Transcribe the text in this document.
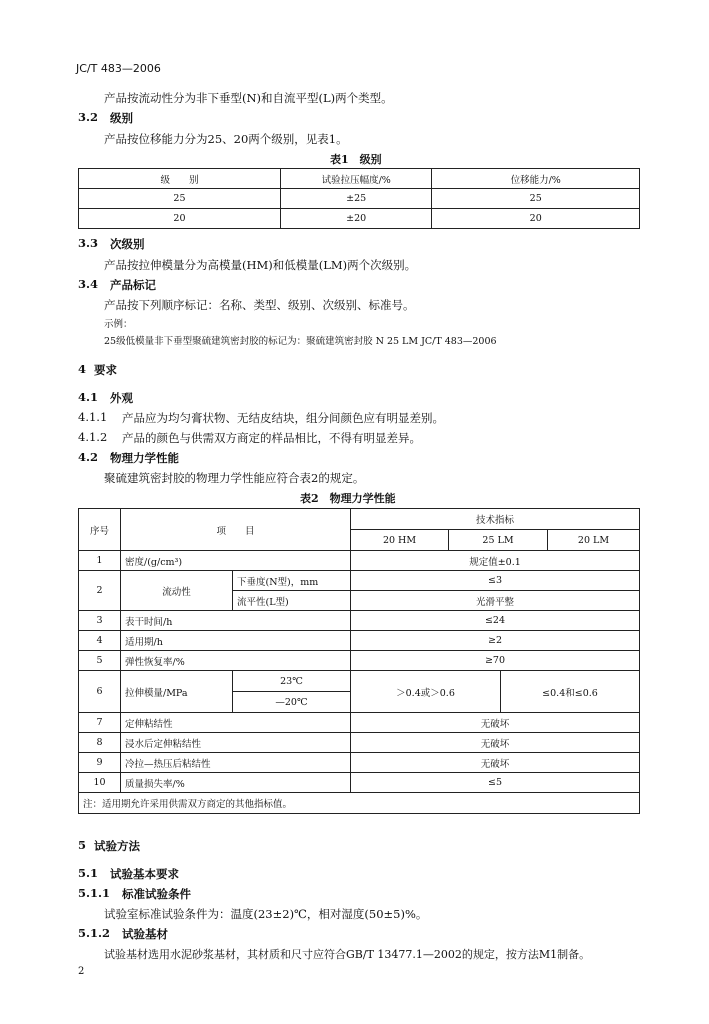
JC/T 483—2006
产品按流动性分为非下垂型(N)和自流平型(L)两个类型。
3.2 级别
产品按位移能力分为25、20两个级别，见表1。
表1　级别
级　　别	试验拉压幅度/%	位移能力/%
25	±25	25
20	±20	20
3.3 次级别
产品按拉伸模量分为高模量(HM)和低模量(LM)两个次级别。
3.4 产品标记
产品按下列顺序标记：名称、类型、级别、次级别、标准号。
示例：
25级低模量非下垂型聚硫建筑密封胶的标记为：聚硫建筑密封胶 N 25 LM JC/T 483—2006
4 要求
4.1 外观
4.1.1 产品应为均匀膏状物、无结皮结块，组分间颜色应有明显差别。
4.1.2 产品的颜色与供需双方商定的样品相比，不得有明显差异。
4.2 物理力学性能
聚硫建筑密封胶的物理力学性能应符合表2的规定。
表2　物理力学性能
序号	项　　目		技术指标			
			20 HM	25 LM		20 LM
1	密度/(g/cm³)		规定值±0.1			
2	流动性	下垂度(N型)，mm	≤3			
		流平性(L型)	光滑平整			
3	表干时间/h		≤24			
4	适用期/h		≥2			
5	弹性恢复率/%		≥70			
6	拉伸模量/MPa	23℃	＞0.4或＞0.6		≤0.4和≤0.6	
		—20℃				
7	定伸粘结性		无破坏			
8	浸水后定伸粘结性		无破坏			
9	冷拉—热压后粘结性		无破坏			
10	质量损失率/%		≤5			
注：适用期允许采用供需双方商定的其他指标值。						
5 试验方法
5.1 试验基本要求
5.1.1 标准试验条件
试验室标准试验条件为：温度(23±2)℃，相对湿度(50±5)%。
5.1.2 试验基材
试验基材选用水泥砂浆基材，其材质和尺寸应符合GB/T 13477.1—2002的规定，按方法M1制备。
2
